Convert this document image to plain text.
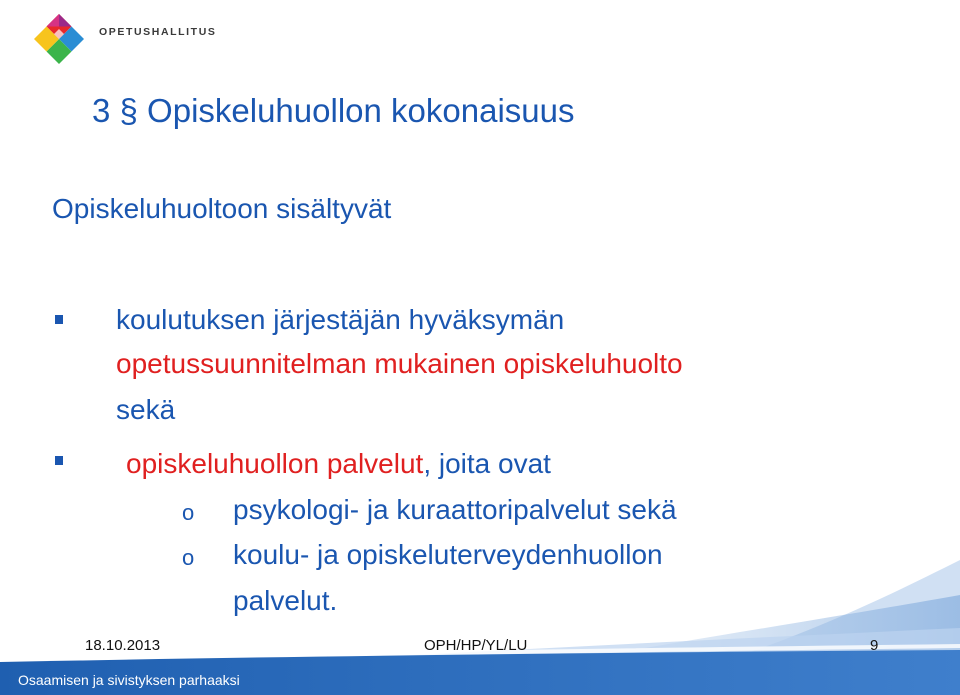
OPETUSHALLITUS
3 § Opiskeluhuollon kokonaisuus
Opiskeluhuoltoon sisältyvät
koulutuksen järjestäjän hyväksymän
opetussuunnitelman mukainen opiskeluhuolto
sekä
opiskeluhuollon palvelut, joita ovat
o psykologi- ja kuraattoripalvelut sekä
o koulu- ja opiskeluterveydenhuollon
palvelut.
18.10.2013	OPH/HP/YL/LU	9
Osaamisen ja sivistyksen parhaaksi
